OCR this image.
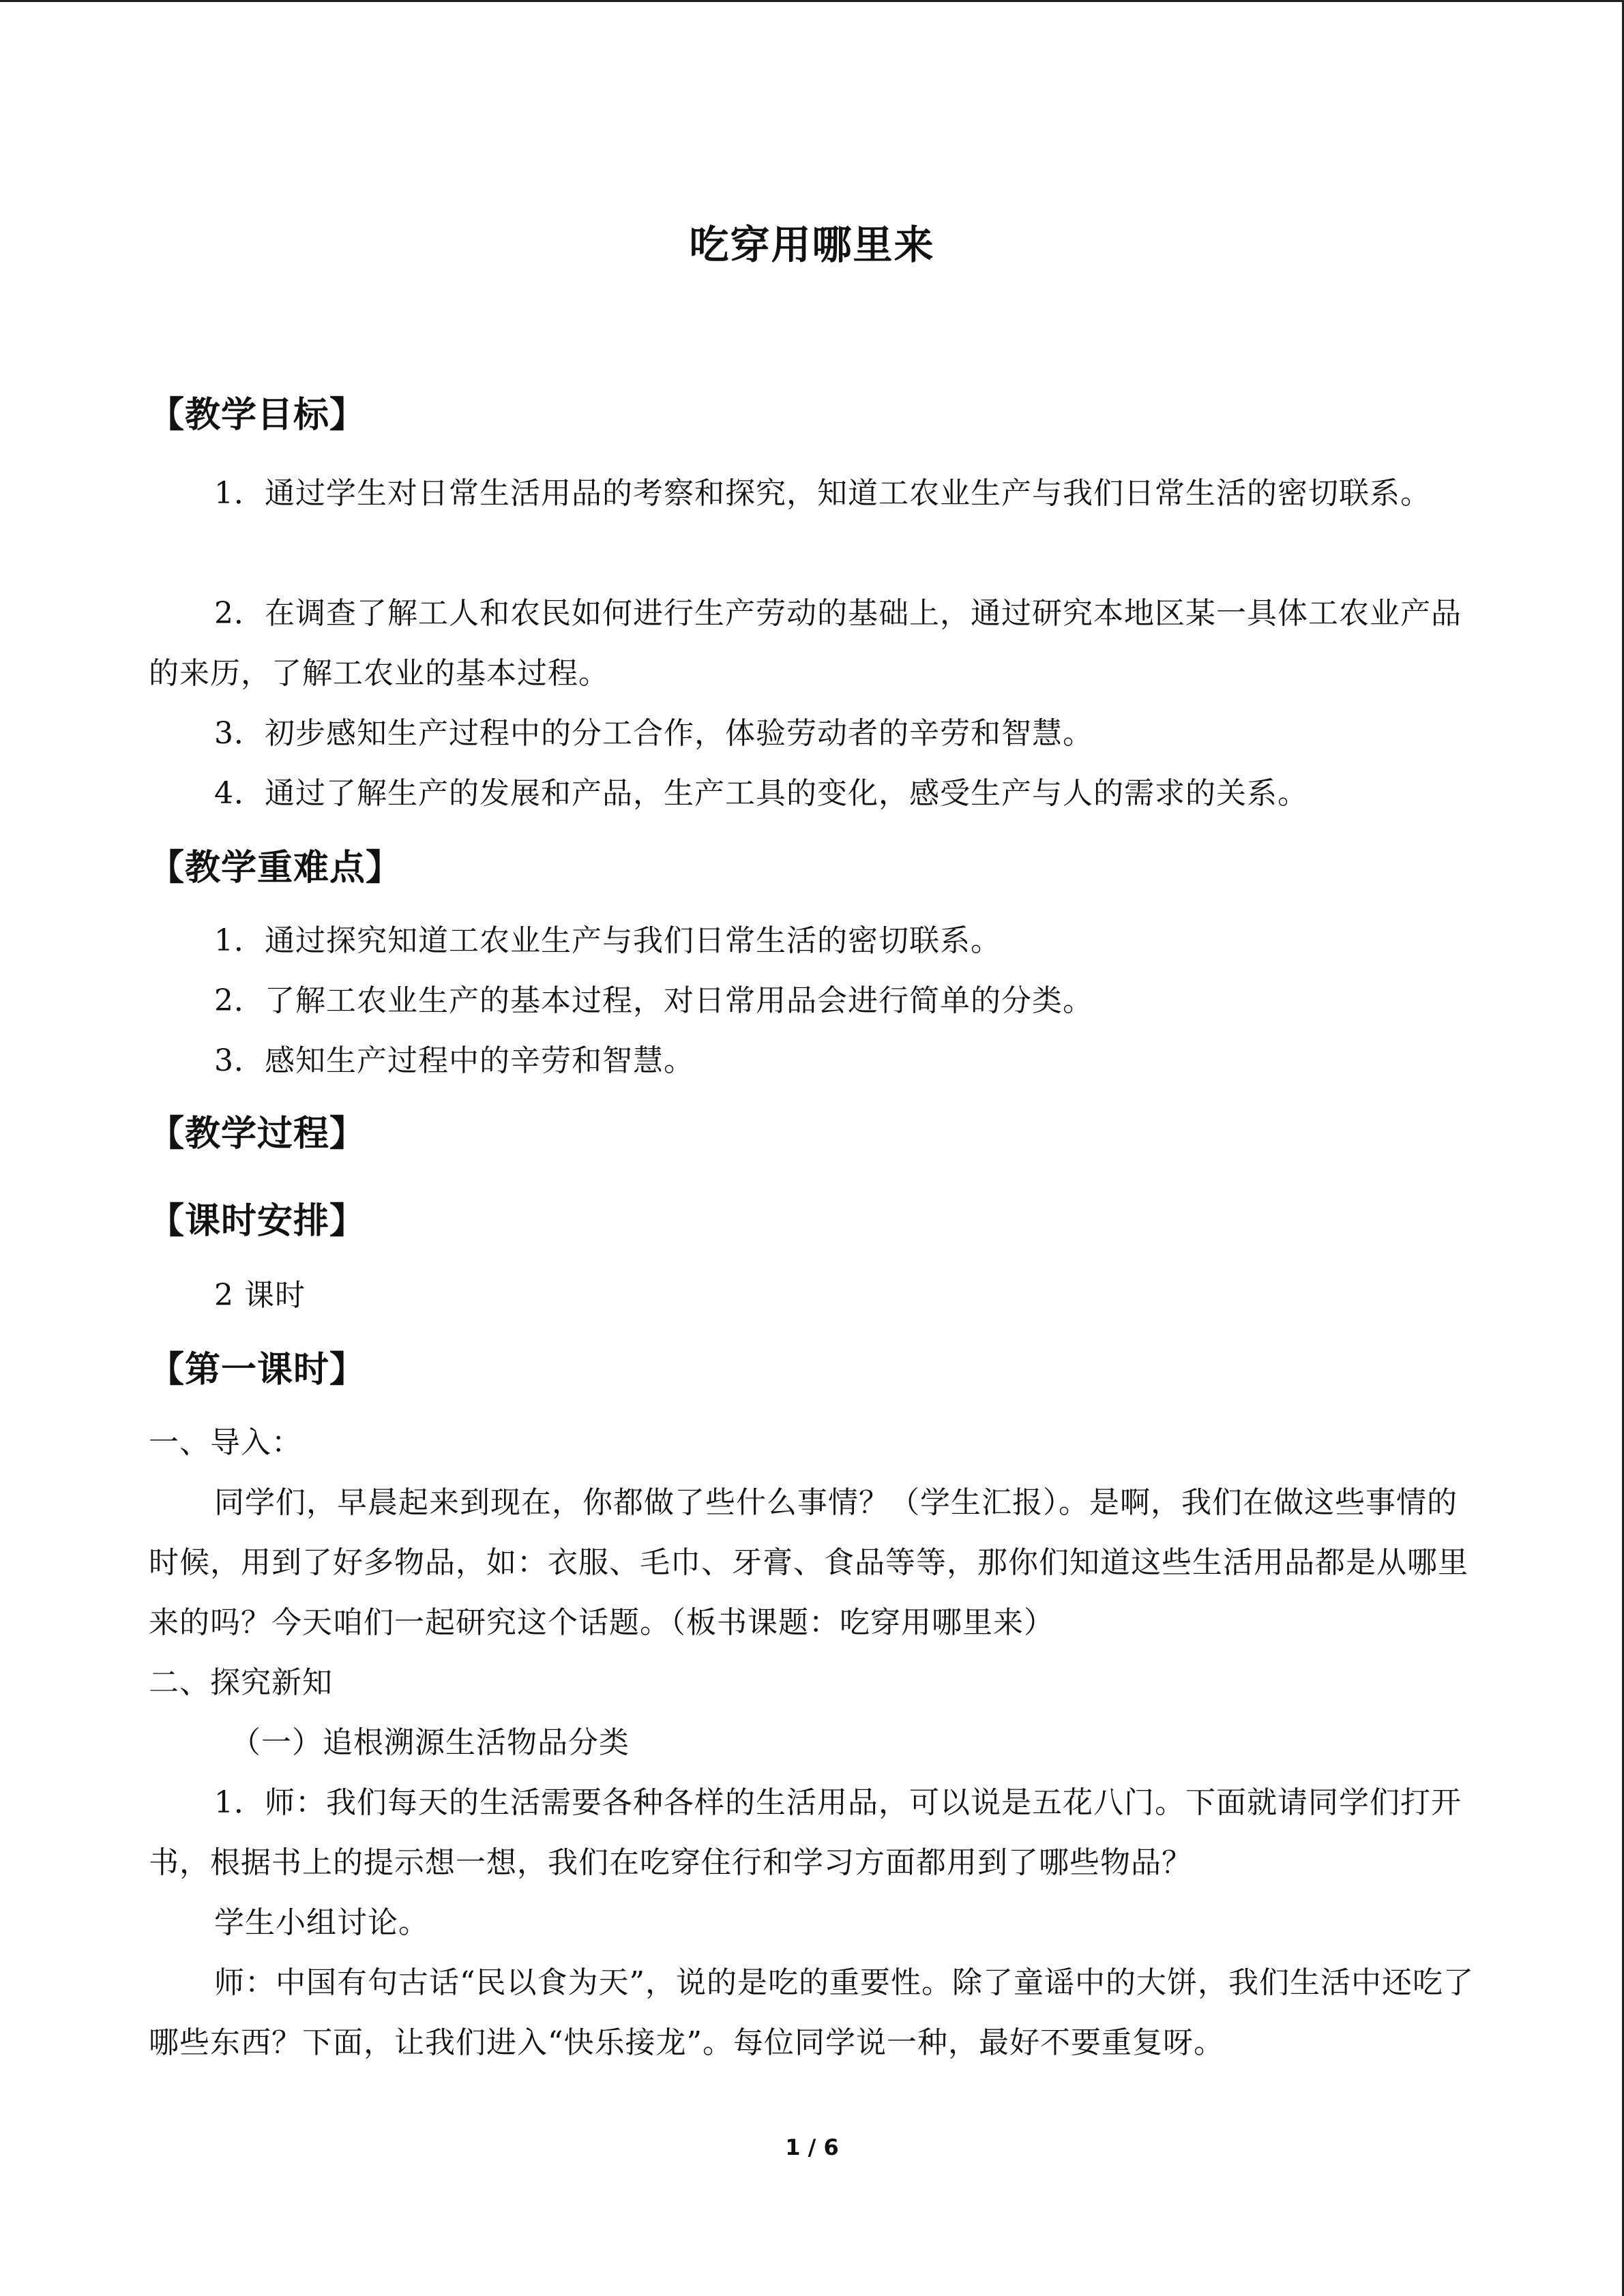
吃穿用哪里来
【教学目标】
1．通过学生对日常生活用品的考察和探究，知道工农业生产与我们日常生活的密切联系。
2．在调查了解工人和农民如何进行生产劳动的基础上，通过研究本地区某一具体工农业产品的来历，了解工农业的基本过程。
3．初步感知生产过程中的分工合作，体验劳动者的辛劳和智慧。
4．通过了解生产的发展和产品，生产工具的变化，感受生产与人的需求的关系。
【教学重难点】
1．通过探究知道工农业生产与我们日常生活的密切联系。
2．了解工农业生产的基本过程，对日常用品会进行简单的分类。
3．感知生产过程中的辛劳和智慧。
【教学过程】
【课时安排】
2 课时
【第一课时】
一、导入：
同学们，早晨起来到现在，你都做了些什么事情？（学生汇报）。是啊，我们在做这些事情的时候，用到了好多物品，如：衣服、毛巾、牙膏、食品等等，那你们知道这些生活用品都是从哪里来的吗？今天咱们一起研究这个话题。（板书课题：吃穿用哪里来）
二、探究新知
（一）追根溯源生活物品分类
1．师：我们每天的生活需要各种各样的生活用品，可以说是五花八门。下面就请同学们打开书，根据书上的提示想一想，我们在吃穿住行和学习方面都用到了哪些物品？
学生小组讨论。
师：中国有句古话“民以食为天”，说的是吃的重要性。除了童谣中的大饼，我们生活中还吃了哪些东西？下面，让我们进入“快乐接龙”。每位同学说一种，最好不要重复呀。
1 / 6
